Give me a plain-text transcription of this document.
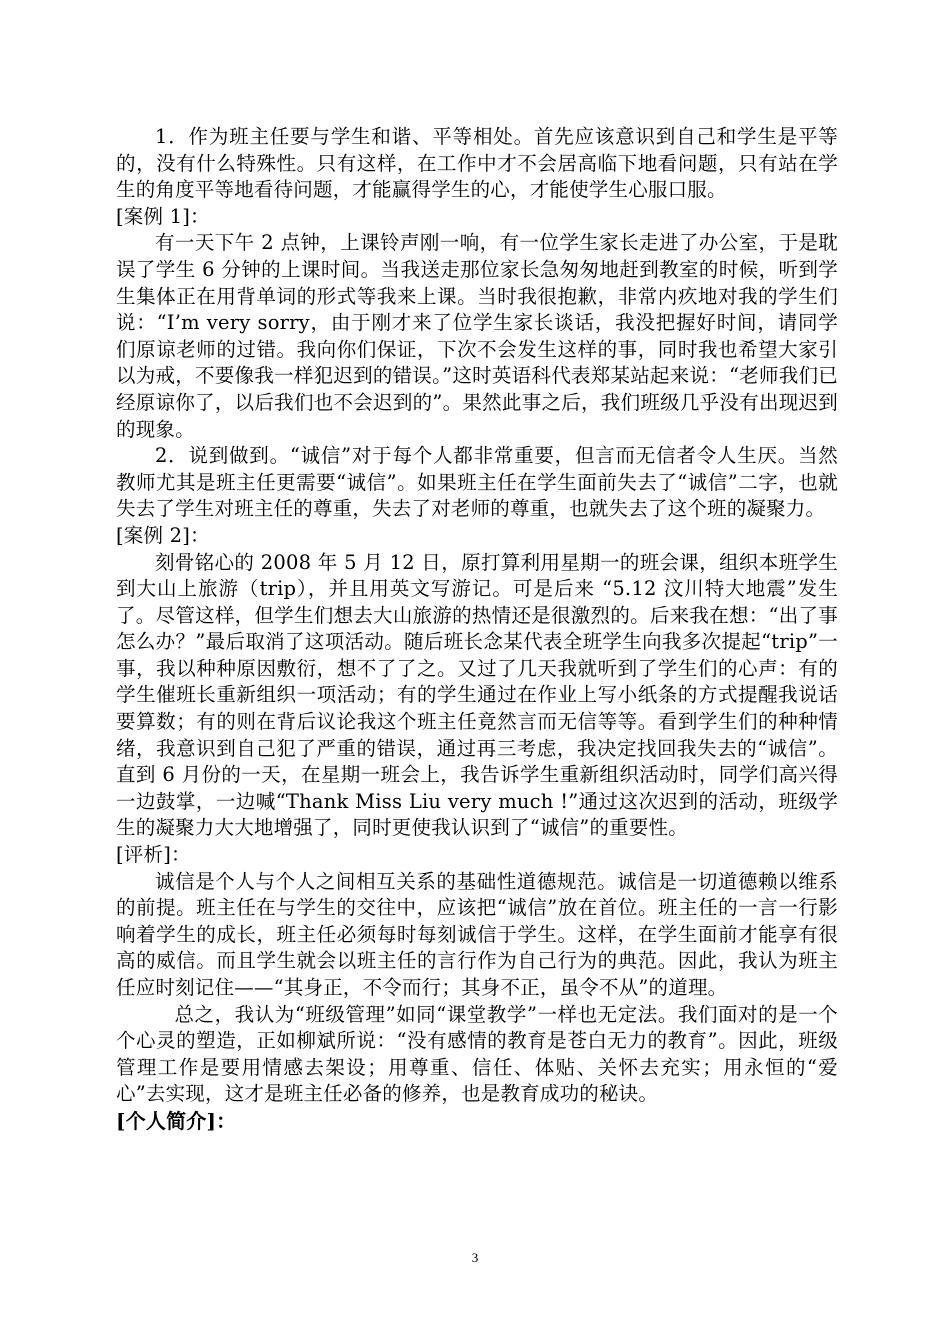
1．作为班主任要与学生和谐、平等相处。首先应该意识到自己和学生是平等的，没有什么特殊性。只有这样，在工作中才不会居高临下地看问题，只有站在学生的角度平等地看待问题，才能赢得学生的心，才能使学生心服口服。

[案例 1]：

有一天下午 2 点钟，上课铃声刚一响，有一位学生家长走进了办公室，于是耽误了学生 6 分钟的上课时间。当我送走那位家长急匆匆地赶到教室的时候，听到学生集体正在用背单词的形式等我来上课。当时我很抱歉，非常内疚地对我的学生们说：“I’m very sorry，由于刚才来了位学生家长谈话，我没把握好时间，请同学们原谅老师的过错。我向你们保证，下次不会发生这样的事，同时我也希望大家引以为戒，不要像我一样犯迟到的错误。”这时英语科代表郑某站起来说：“老师我们已经原谅你了，以后我们也不会迟到的”。果然此事之后，我们班级几乎没有出现迟到的现象。

2．说到做到。“诚信”对于每个人都非常重要，但言而无信者令人生厌。当然教师尤其是班主任更需要“诚信”。如果班主任在学生面前失去了“诚信”二字，也就失去了学生对班主任的尊重，失去了对老师的尊重，也就失去了这个班的凝聚力。

[案例 2]：

刻骨铭心的 2008 年 5 月 12 日，原打算利用星期一的班会课，组织本班学生到大山上旅游（trip），并且用英文写游记。可是后来 “5.12 汶川特大地震”发生了。尽管这样，但学生们想去大山旅游的热情还是很激烈的。后来我在想：“出了事怎么办？”最后取消了这项活动。随后班长念某代表全班学生向我多次提起“trip”一事，我以种种原因敷衍，想不了了之。又过了几天我就听到了学生们的心声：有的学生催班长重新组织一项活动；有的学生通过在作业上写小纸条的方式提醒我说话要算数；有的则在背后议论我这个班主任竟然言而无信等等。看到学生们的种种情绪，我意识到自己犯了严重的错误，通过再三考虑，我决定找回我失去的“诚信”。直到 6 月份的一天，在星期一班会上，我告诉学生重新组织活动时，同学们高兴得一边鼓掌，一边喊“Thank Miss Liu very much !”通过这次迟到的活动，班级学生的凝聚力大大地增强了，同时更使我认识到了“诚信”的重要性。

[评析]：

诚信是个人与个人之间相互关系的基础性道德规范。诚信是一切道德赖以维系的前提。班主任在与学生的交往中，应该把“诚信”放在首位。班主任的一言一行影响着学生的成长，班主任必须每时每刻诚信于学生。这样，在学生面前才能享有很高的威信。而且学生就会以班主任的言行作为自己行为的典范。因此，我认为班主任应时刻记住——“其身正，不令而行；其身不正，虽令不从”的道理。

总之，我认为“班级管理”如同“课堂教学”一样也无定法。我们面对的是一个个心灵的塑造，正如柳斌所说：“没有感情的教育是苍白无力的教育”。因此，班级管理工作是要用情感去架设；用尊重、信任、体贴、关怀去充实；用永恒的“爱心”去实现，这才是班主任必备的修养，也是教育成功的秘诀。

[个人简介]：

3
